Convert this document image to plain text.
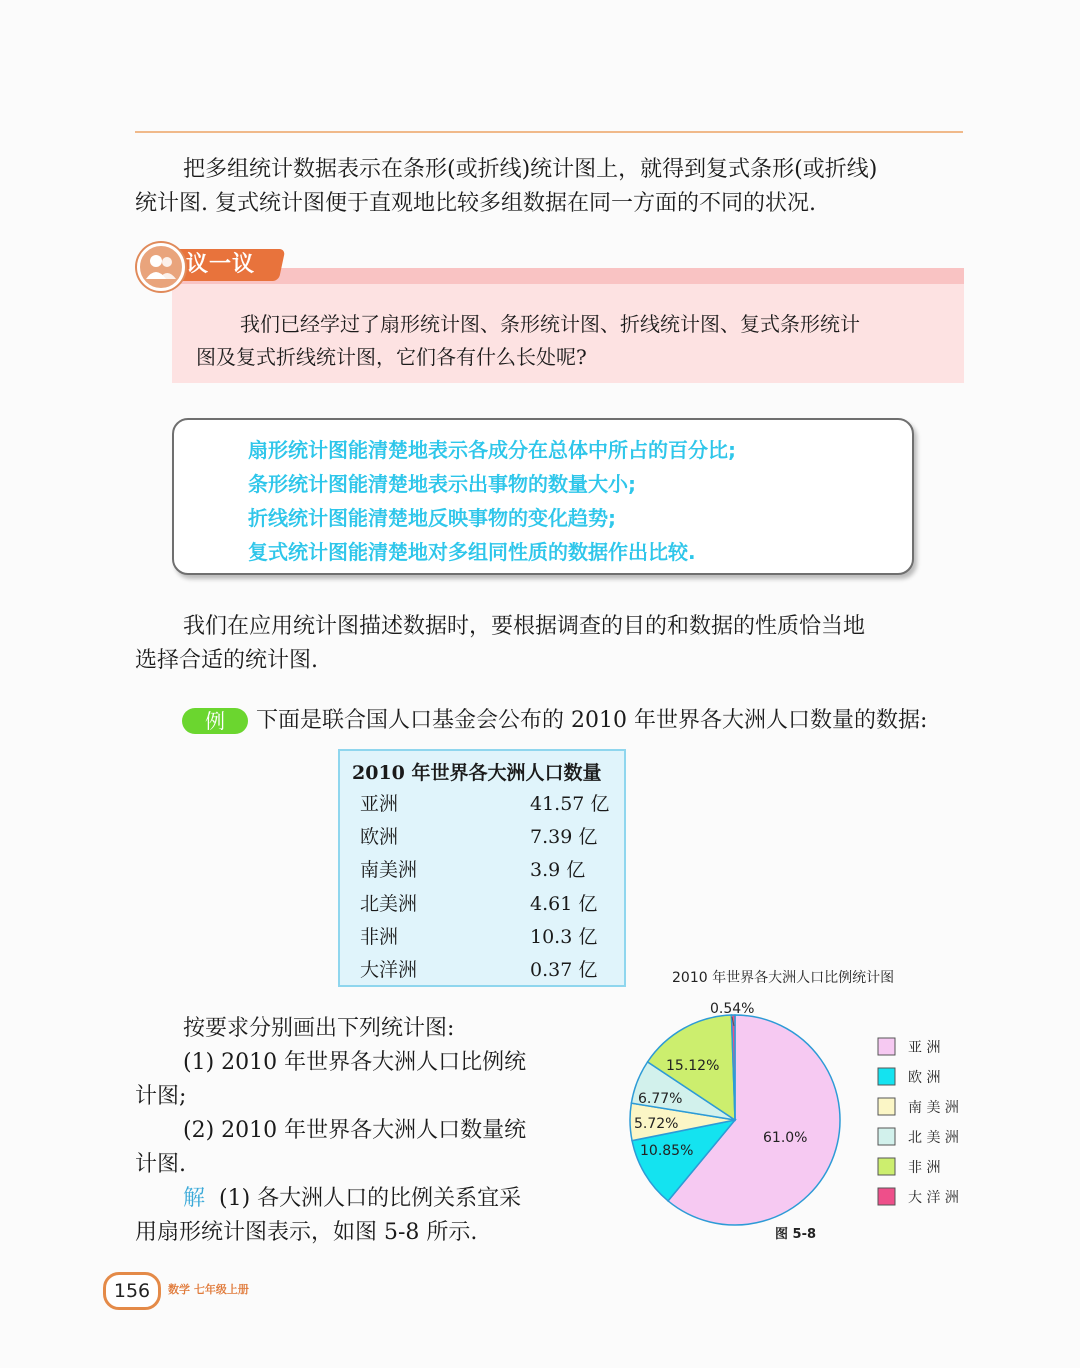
把多组统计数据表示在条形(或折线)统计图上，就得到复式条形(或折线)
统计图. 复式统计图便于直观地比较多组数据在同一方面的不同的状况.
议一议
我们已经学过了扇形统计图、条形统计图、折线统计图、复式条形统计
图及复式折线统计图，它们各有什么长处呢?
扇形统计图能清楚地表示各成分在总体中所占的百分比;
条形统计图能清楚地表示出事物的数量大小;
折线统计图能清楚地反映事物的变化趋势;
复式统计图能清楚地对多组同性质的数据作出比较.
我们在应用统计图描述数据时，要根据调查的目的和数据的性质恰当地
选择合适的统计图.
例	下面是联合国人口基金会公布的 2010 年世界各大洲人口数量的数据:
2010 年世界各大洲人口数量
亚洲	41.57 亿
欧洲	7.39 亿
南美洲	3.9 亿
北美洲	4.61 亿
非洲	10.3 亿
大洋洲	0.37 亿
按要求分别画出下列统计图:
(1) 2010 年世界各大洲人口比例统
计图;
(2) 2010 年世界各大洲人口数量统
计图.
解 (1) 各大洲人口的比例关系宜采
用扇形统计图表示，如图 5-8 所示.
2010 年世界各大洲人口比例统计图
图 5-8
61.0%
10.85%
5.72%
6.77%
15.12%
0.54%
亚 洲
欧 洲
南 美 洲
北 美 洲
非 洲
大 洋 洲
156	数学 七年级上册
